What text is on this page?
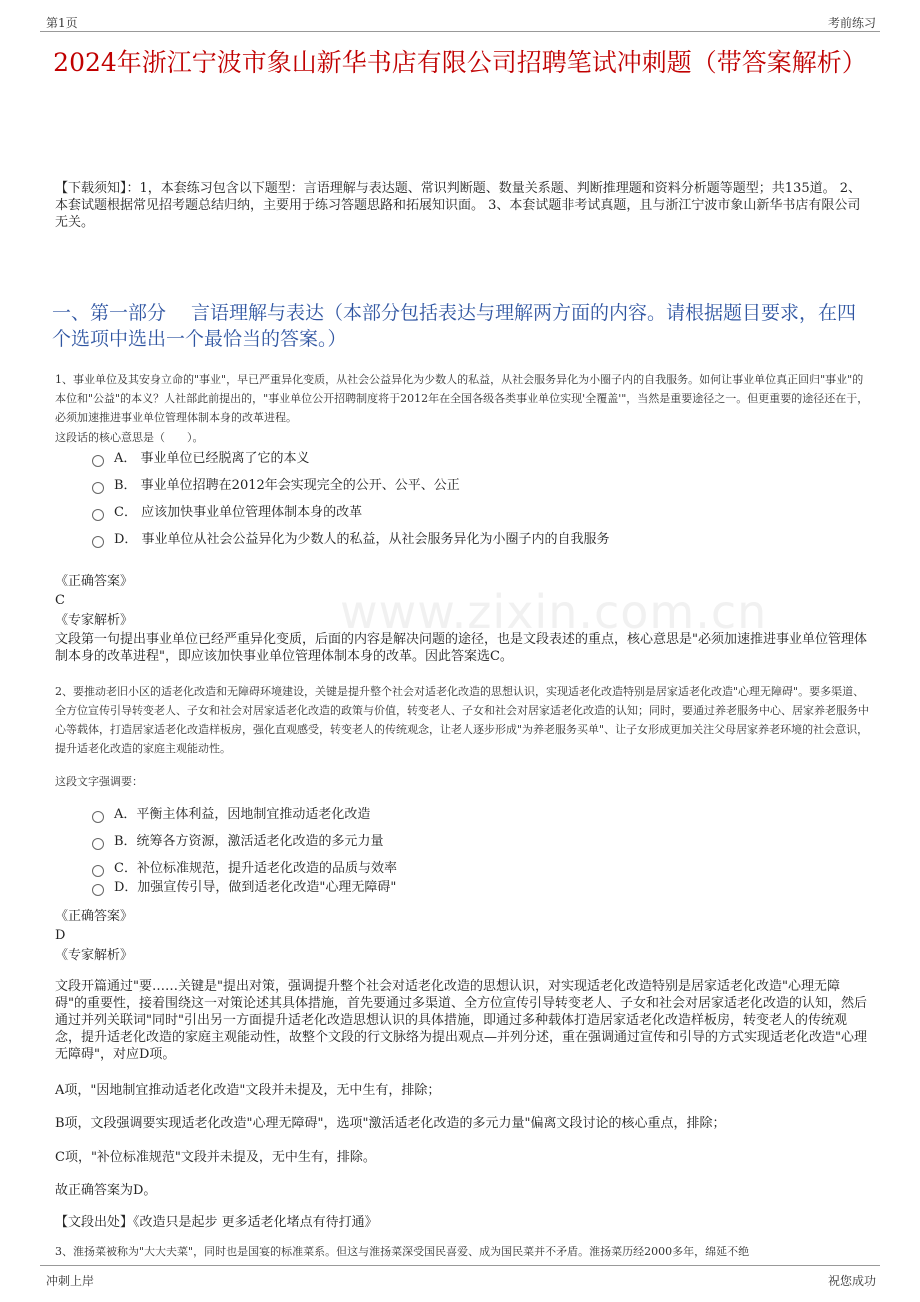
第1页	考前练习
www.zixin.com.cn
2024年浙江宁波市象山新华书店有限公司招聘笔试冲刺题（带答案解析）
【下载须知】：1，本套练习包含以下题型：言语理解与表达题、常识判断题、数量关系题、判断推理题和资料分析题等题型；共135道。 2、本套试题根据常见招考题总结归纳，主要用于练习答题思路和拓展知识面。 3、本套试题非考试真题，且与浙江宁波市象山新华书店有限公司无关。
一、第一部分　 言语理解与表达（本部分包括表达与理解两方面的内容。请根据题目要求，在四个选项中选出一个最恰当的答案。）
1、事业单位及其安身立命的"事业"，早已严重异化变质，从社会公益异化为少数人的私益，从社会服务异化为小圈子内的自我服务。如何让事业单位真正回归"事业"的本位和"公益"的本义？人社部此前提出的，"事业单位公开招聘制度将于2012年在全国各级各类事业单位实现'全覆盖'"，当然是重要途径之一。但更重要的途径还在于，必须加速推进事业单位管理体制本身的改革进程。
这段话的核心意思是（　　）。
A． 事业单位已经脱离了它的本义
B． 事业单位招聘在2012年会实现完全的公开、公平、公正
C． 应该加快事业单位管理体制本身的改革
D． 事业单位从社会公益异化为少数人的私益，从社会服务异化为小圈子内的自我服务
《正确答案》
C
《专家解析》
文段第一句提出事业单位已经严重异化变质，后面的内容是解决问题的途径，也是文段表述的重点，核心意思是"必须加速推进事业单位管理体制本身的改革进程"，即应该加快事业单位管理体制本身的改革。因此答案选C。
2、要推动老旧小区的适老化改造和无障碍环境建设，关键是提升整个社会对适老化改造的思想认识，实现适老化改造特别是居家适老化改造"心理无障碍"。要多渠道、全方位宣传引导转变老人、子女和社会对居家适老化改造的政策与价值，转变老人、子女和社会对居家适老化改造的认知；同时，要通过养老服务中心、居家养老服务中心等载体，打造居家适老化改造样板房，强化直观感受，转变老人的传统观念，让老人逐步形成"为养老服务买单"、让子女形成更加关注父母居家养老环境的社会意识，提升适老化改造的家庭主观能动性。
这段文字强调要：
A．平衡主体利益，因地制宜推动适老化改造
B．统筹各方资源，激活适老化改造的多元力量
C．补位标准规范，提升适老化改造的品质与效率
D．加强宣传引导，做到适老化改造"心理无障碍"
《正确答案》
D
《专家解析》
文段开篇通过"要……关键是"提出对策，强调提升整个社会对适老化改造的思想认识，对实现适老化改造特别是居家适老化改造"心理无障碍"的重要性，接着围绕这一对策论述其具体措施，首先要通过多渠道、全方位宣传引导转变老人、子女和社会对居家适老化改造的认知，然后通过并列关联词"同时"引出另一方面提升适老化改造思想认识的具体措施，即通过多种载体打造居家适老化改造样板房，转变老人的传统观念，提升适老化改造的家庭主观能动性，故整个文段的行文脉络为提出观点—并列分述，重在强调通过宣传和引导的方式实现适老化改造"心理无障碍"，对应D项。
A项，"因地制宜推动适老化改造"文段并未提及，无中生有，排除；
B项，文段强调要实现适老化改造"心理无障碍"，选项"激活适老化改造的多元力量"偏离文段讨论的核心重点，排除；
C项，"补位标准规范"文段并未提及，无中生有，排除。
故正确答案为D。
【文段出处】《改造只是起步 更多适老化堵点有待打通》
3、淮扬菜被称为"大大夫菜"，同时也是国宴的标准菜系。但这与淮扬菜深受国民喜爱、成为国民菜并不矛盾。淮扬菜历经2000多年，绵延不绝
冲刺上岸	祝您成功
